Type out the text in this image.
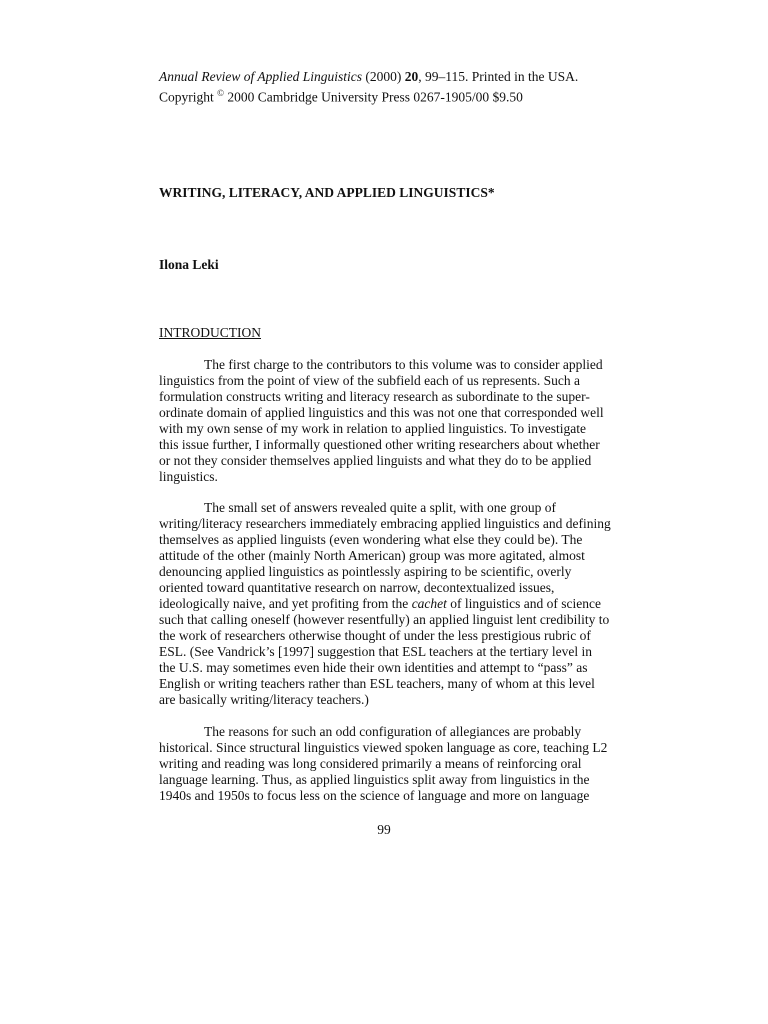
Annual Review of Applied Linguistics (2000) 20, 99–115. Printed in the USA.
Copyright © 2000 Cambridge University Press 0267-1905/00 $9.50
WRITING, LITERACY, AND APPLIED LINGUISTICS*
Ilona Leki
INTRODUCTION
The first charge to the contributors to this volume was to consider applied
linguistics from the point of view of the subfield each of us represents. Such a
formulation constructs writing and literacy research as subordinate to the super-
ordinate domain of applied linguistics and this was not one that corresponded well
with my own sense of my work in relation to applied linguistics. To investigate
this issue further, I informally questioned other writing researchers about whether
or not they consider themselves applied linguists and what they do to be applied
linguistics.
The small set of answers revealed quite a split, with one group of
writing/literacy researchers immediately embracing applied linguistics and defining
themselves as applied linguists (even wondering what else they could be). The
attitude of the other (mainly North American) group was more agitated, almost
denouncing applied linguistics as pointlessly aspiring to be scientific, overly
oriented toward quantitative research on narrow, decontextualized issues,
ideologically naive, and yet profiting from the cachet of linguistics and of science
such that calling oneself (however resentfully) an applied linguist lent credibility to
the work of researchers otherwise thought of under the less prestigious rubric of
ESL. (See Vandrick’s [1997] suggestion that ESL teachers at the tertiary level in
the U.S. may sometimes even hide their own identities and attempt to “pass” as
English or writing teachers rather than ESL teachers, many of whom at this level
are basically writing/literacy teachers.)
The reasons for such an odd configuration of allegiances are probably
historical. Since structural linguistics viewed spoken language as core, teaching L2
writing and reading was long considered primarily a means of reinforcing oral
language learning. Thus, as applied linguistics split away from linguistics in the
1940s and 1950s to focus less on the science of language and more on language
99
